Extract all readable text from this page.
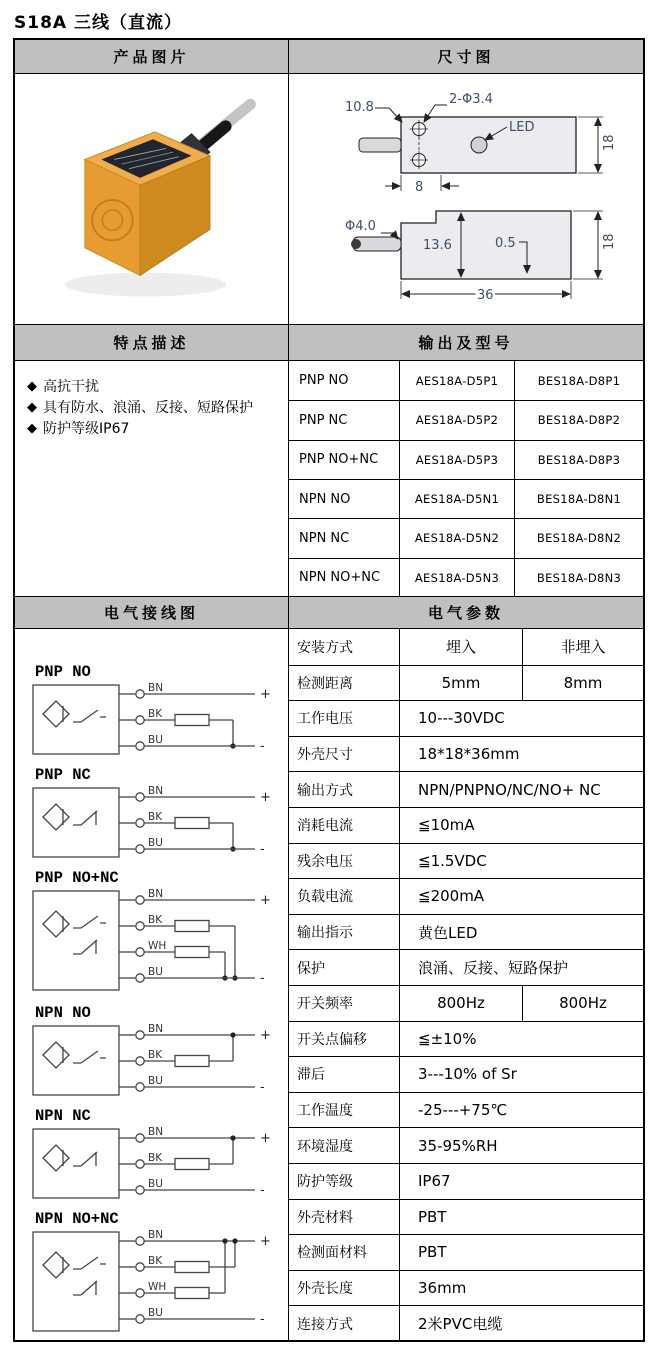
S18A 三线（直流）
产品图片	尺寸图
LED
2-Φ3.4
10.8
8
18
Φ4.0
13.6	0.5
36
18
特点描述	输出及型号
◆ 高抗干扰
◆ 具有防水、浪涌、反接、短路保护
◆ 防护等级IP67
PNP NO	AES18A-D5P1	BES18A-D8P1
PNP NC	AES18A-D5P2	BES18A-D8P2
PNP NO+NC	AES18A-D5P3	BES18A-D8P3
NPN NO	AES18A-D5N1	BES18A-D8N1
NPN NC	AES18A-D5N2	BES18A-D8N2
NPN NO+NC	AES18A-D5N3	BES18A-D8N3
电气接线图	电气参数
PNP NO
BN
BK
BU
+
-
PNP NC
BN
BK
BU
+
-
PNP NO+NC
BN
BK
WH
BU
+
-
NPN NO
BN
BK
BU
+
-
NPN NC
BN
BK
BU
+
-
NPN NO+NC
BN
BK
WH
BU
+
-
安装方式	埋入	非埋入
检测距离	5mm	8mm
工作电压	10---30VDC
外壳尺寸	18*18*36mm
输出方式	NPN/PNPNO/NC/NO+ NC
消耗电流	≦10mA
残余电压	≦1.5VDC
负载电流	≦200mA
输出指示	黄色LED
保护	浪涌、反接、短路保护
开关频率	800Hz	800Hz
开关点偏移	≦±10%
滞后	3---10% of Sr
工作温度	-25---+75℃
环境湿度	35-95%RH
防护等级	IP67
外壳材料	PBT
检测面材料	PBT
外壳长度	36mm
连接方式	2米PVC电缆
